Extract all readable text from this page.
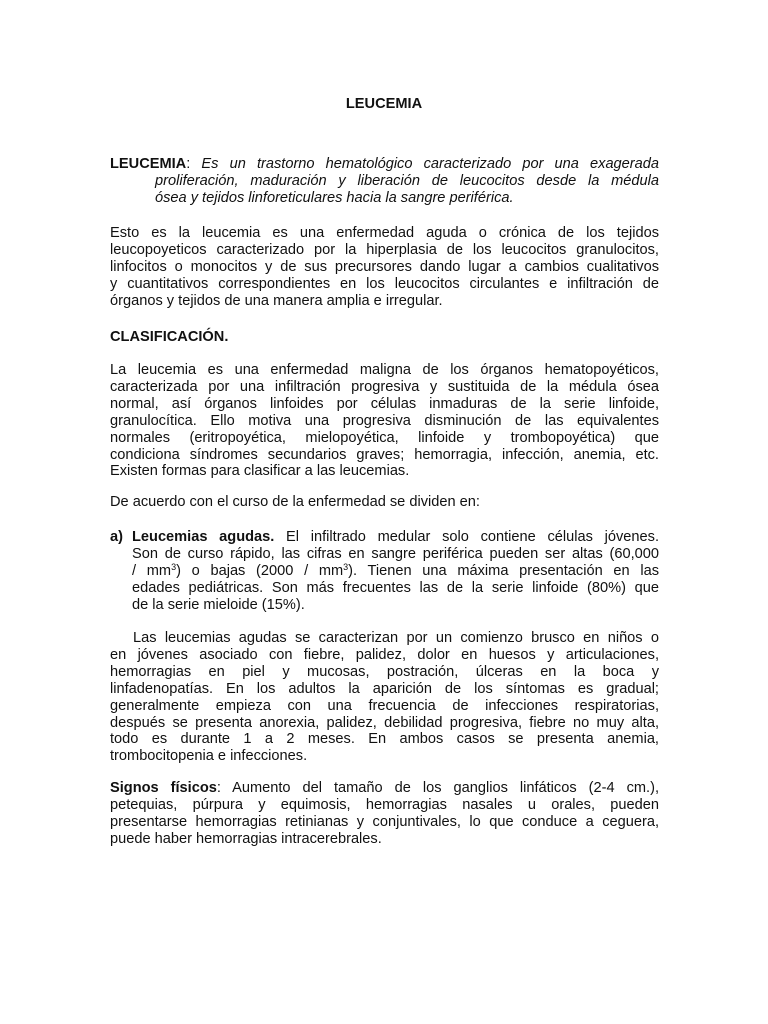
LEUCEMIA
LEUCEMIA: Es un trastorno hematológico caracterizado por una exagerada
proliferación, maduración y liberación de leucocitos desde la médula
ósea y tejidos linforeticulares hacia la sangre periférica.
Esto es la leucemia es una enfermedad aguda o crónica de los tejidos
leucopoyeticos caracterizado por la hiperplasia de los leucocitos granulocitos,
linfocitos o monocitos y de sus precursores dando lugar a cambios cualitativos
y cuantitativos correspondientes en los leucocitos circulantes e infiltración de
órganos y tejidos de una manera amplia e irregular.
CLASIFICACIÓN.
La leucemia es una enfermedad maligna de los órganos hematopoyéticos,
caracterizada por una infiltración progresiva y sustituida de la médula ósea
normal, así órganos linfoides por células inmaduras de la serie linfoide,
granulocítica. Ello motiva una progresiva disminución de las equivalentes
normales (eritropoyética, mielopoyética, linfoide y trombopoyética) que
condiciona síndromes secundarios graves; hemorragia, infección, anemia, etc.
Existen formas para clasificar a las leucemias.
De acuerdo con el curso de la enfermedad se dividen en:
a) Leucemias agudas. El infiltrado medular solo contiene células jóvenes.
Son de curso rápido, las cifras en sangre periférica pueden ser altas (60,000
/ $mm^3$) o bajas $(2000 / mm^3)$. Tienen una máxima presentación en las
edades pediátricas. Son más frecuentes las de la serie linfoide (80%) que
de la serie mieloide (15%).
Las leucemias agudas se caracterizan por un comienzo brusco en niños o
en jóvenes asociado con fiebre, palidez, dolor en huesos y articulaciones,
hemorragias en piel y mucosas, postración, úlceras en la boca y
linfadenopatías. En los adultos la aparición de los síntomas es gradual;
generalmente empieza con una frecuencia de infecciones respiratorias,
después se presenta anorexia, palidez, debilidad progresiva, fiebre no muy alta,
todo es durante 1 a 2 meses. En ambos casos se presenta anemia,
trombocitopenia e infecciones.
Signos físicos: Aumento del tamaño de los ganglios linfáticos (2-4 cm.),
petequias, púrpura y equimosis, hemorragias nasales u orales, pueden
presentarse hemorragias retinianas y conjuntivales, lo que conduce a ceguera,
puede haber hemorragias intracerebrales.
